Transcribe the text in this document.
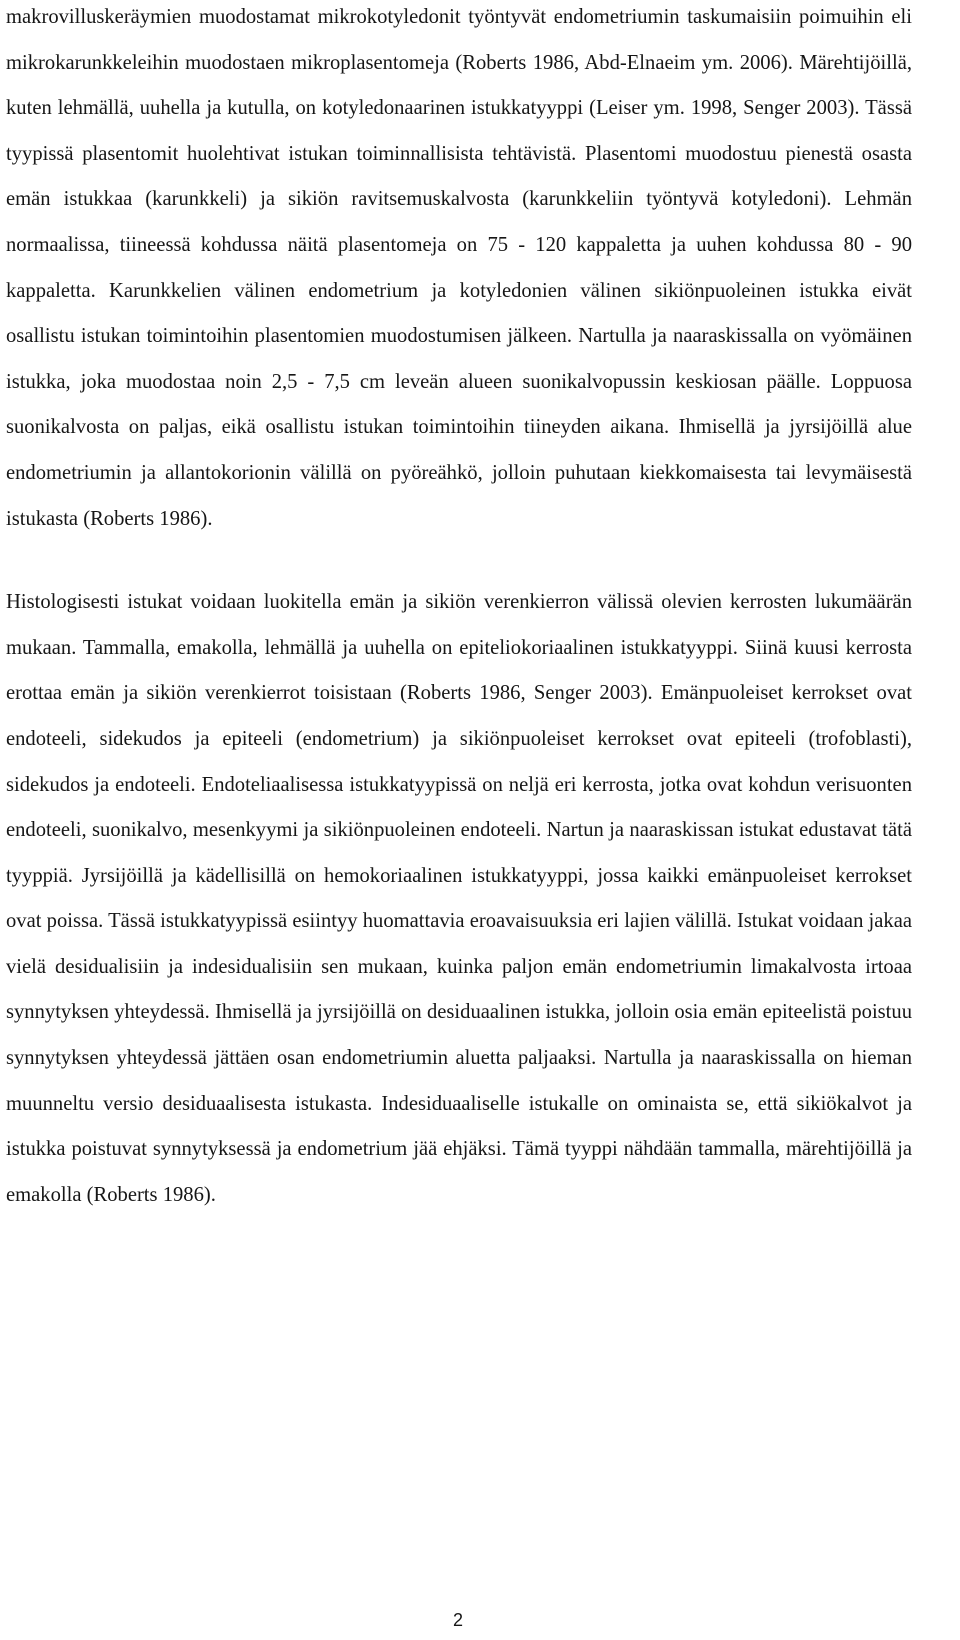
makrovilluskeräymien muodostamat mikrokotyledonit työntyvät endometriumin taskumaisiin poimuihin eli mikrokarunkkeleihin muodostaen mikroplasentomeja (Roberts 1986, Abd-Elnaeim ym. 2006). Märehtijöillä, kuten lehmällä, uuhella ja kutulla, on kotyledonaarinen istukkatyyppi (Leiser ym. 1998, Senger 2003). Tässä tyypissä plasentomit huolehtivat istukan toiminnallisista tehtävistä. Plasentomi muodostuu pienestä osasta emän istukkaa (karunkkeli) ja sikiön ravitsemuskalvosta (karunkkeliin työntyvä kotyledoni). Lehmän normaalissa, tiineessä kohdussa näitä plasentomeja on 75 - 120 kappaletta ja uuhen kohdussa 80 - 90 kappaletta. Karunkkelien välinen endometrium ja kotyledonien välinen sikiönpuoleinen istukka eivät osallistu istukan toimintoihin plasentomien muodostumisen jälkeen. Nartulla ja naaraskissalla on vyömäinen istukka, joka muodostaa noin 2,5 - 7,5 cm leveän alueen suonikalvopussin keskiosan päälle. Loppuosa suonikalvosta on paljas, eikä osallistu istukan toimintoihin tiineyden aikana. Ihmisellä ja jyrsijöillä alue endometriumin ja allantokorionin välillä on pyöreähkö, jolloin puhutaan kiekkomaisesta tai levymäisestä istukasta (Roberts 1986).

Histologisesti istukat voidaan luokitella emän ja sikiön verenkierron välissä olevien kerrosten lukumäärän mukaan. Tammalla, emakolla, lehmällä ja uuhella on epiteliokoriaalinen istukkatyyppi. Siinä kuusi kerrosta erottaa emän ja sikiön verenkierrot toisistaan (Roberts 1986, Senger 2003). Emänpuoleiset kerrokset ovat endoteeli, sidekudos ja epiteeli (endometrium) ja sikiönpuoleiset kerrokset ovat epiteeli (trofoblasti), sidekudos ja endoteeli. Endoteliaalisessa istukkatyypissä on neljä eri kerrosta, jotka ovat kohdun verisuonten endoteeli, suonikalvo, mesenkyymi ja sikiönpuoleinen endoteeli. Nartun ja naaraskissan istukat edustavat tätä tyyppiä. Jyrsijöillä ja kädellisillä on hemokoriaalinen istukkatyyppi, jossa kaikki emänpuoleiset kerrokset ovat poissa. Tässä istukkatyypissä esiintyy huomattavia eroavaisuuksia eri lajien välillä. Istukat voidaan jakaa vielä desidualisiin ja indesidualisiin sen mukaan, kuinka paljon emän endometriumin limakalvosta irtoaa synnytyksen yhteydessä. Ihmisellä ja jyrsijöillä on desiduaalinen istukka, jolloin osia emän epiteelistä poistuu synnytyksen yhteydessä jättäen osan endometriumin aluetta paljaaksi. Nartulla ja naaraskissalla on hieman muunneltu versio desiduaalisesta istukasta. Indesiduaaliselle istukalle on ominaista se, että sikiökalvot ja istukka poistuvat synnytyksessä ja endometrium jää ehjäksi. Tämä tyyppi nähdään tammalla, märehtijöillä ja emakolla (Roberts 1986).

2
